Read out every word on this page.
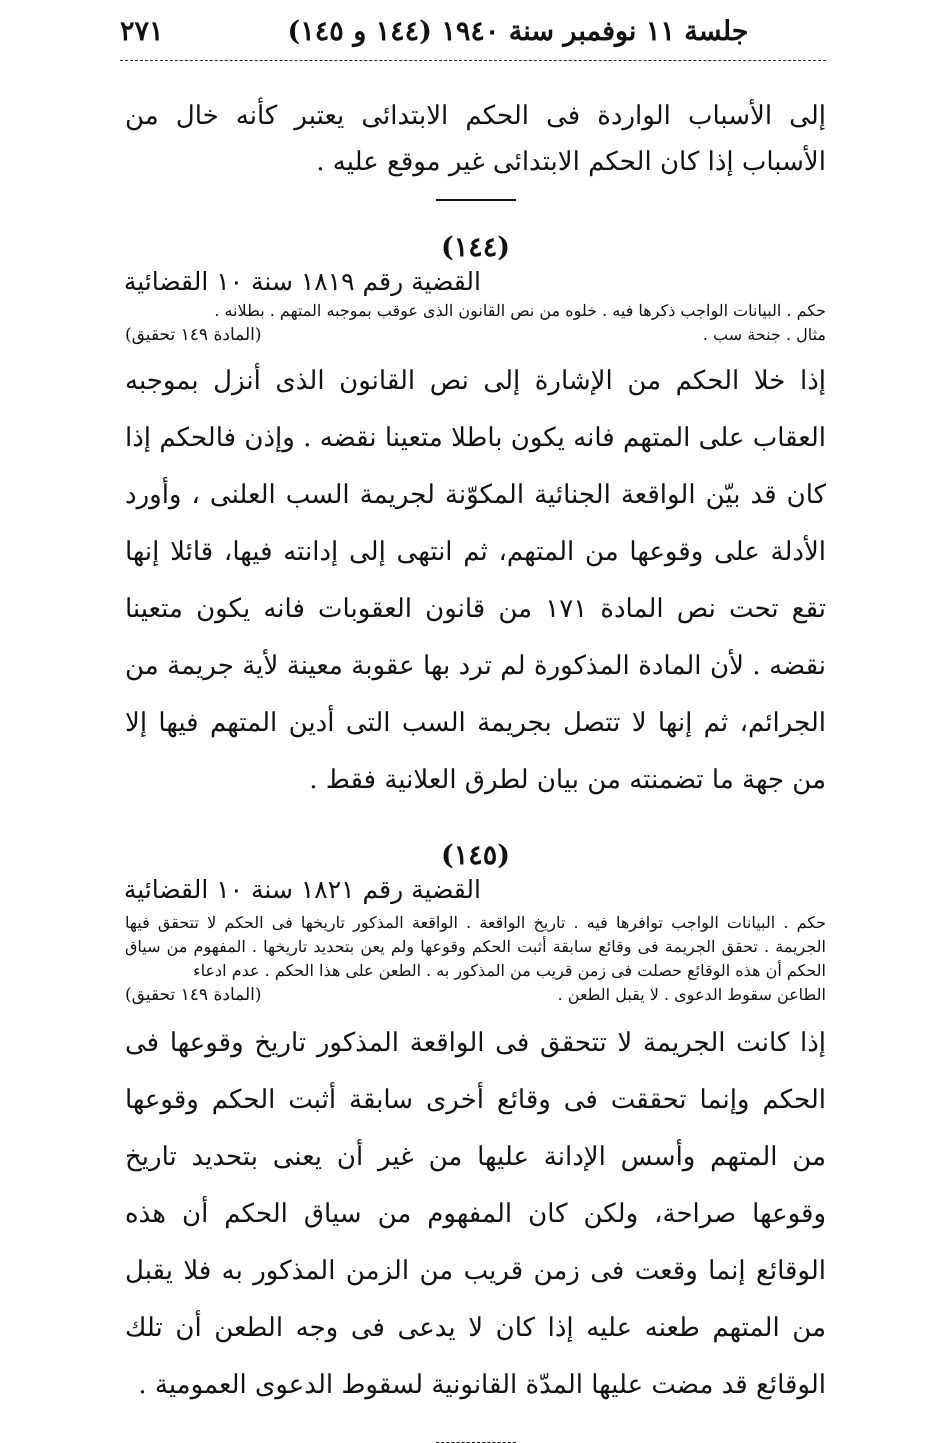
جلسة ١١ نوفمبر سنة ١٩٤٠ (١٤٤ و ١٤٥)
٢٧١
إلى الأسباب الواردة فى الحكم الابتدائى يعتبر كأنه خال من الأسباب إذا كان الحكم الابتدائى غير موقع عليه .
(١٤٤)
القضية رقم ١٨١٩ سنة ١٠ القضائية
حكم . البيانات الواجب ذكرها فيه . خلوه من نص القانون الذى عوقب بموجبه المتهم . بطلانه .
مثال . جنحة سب .
(المادة ١٤٩ تحقيق)
إذا خلا الحكم من الإشارة إلى نص القانون الذى أنزل بموجبه العقاب على المتهم فانه يكون باطلا متعينا نقضه . وإذن فالحكم إذا كان قد بيّن الواقعة الجنائية المكوّنة لجريمة السب العلنى ، وأورد الأدلة على وقوعها من المتهم، ثم انتهى إلى إدانته فيها، قائلا إنها تقع تحت نص المادة ١٧١ من قانون العقوبات فانه يكون متعينا نقضه . لأن المادة المذكورة لم ترد بها عقوبة معينة لأية جريمة من الجرائم، ثم إنها لا تتصل بجريمة السب التى أدين المتهم فيها إلا من جهة ما تضمنته من بيان لطرق العلانية فقط .
(١٤٥)
القضية رقم ١٨٢١ سنة ١٠ القضائية
حكم . البيانات الواجب توافرها فيه . تاريخ الواقعة . الواقعة المذكور تاريخها فى الحكم لا تتحقق فيها الجريمة . تحقق الجريمة فى وقائع سابقة أثبت الحكم وقوعها ولم يعن بتحديد تاريخها . المفهوم من سياق الحكم أن هذه الوقائع حصلت فى زمن قريب من المذكور به . الطعن على هذا الحكم . عدم ادعاء
الطاعن سقوط الدعوى . لا يقبل الطعن .
(المادة ١٤٩ تحقيق)
إذا كانت الجريمة لا تتحقق فى الواقعة المذكور تاريخ وقوعها فى الحكم وإنما تحققت فى وقائع أخرى سابقة أثبت الحكم وقوعها من المتهم وأسس الإدانة عليها من غير أن يعنى بتحديد تاريخ وقوعها صراحة، ولكن كان المفهوم من سياق الحكم أن هذه الوقائع إنما وقعت فى زمن قريب من الزمن المذكور به فلا يقبل من المتهم طعنه عليه إذا كان لا يدعى فى وجه الطعن أن تلك الوقائع قد مضت عليها المدّة القانونية لسقوط الدعوى العمومية .
